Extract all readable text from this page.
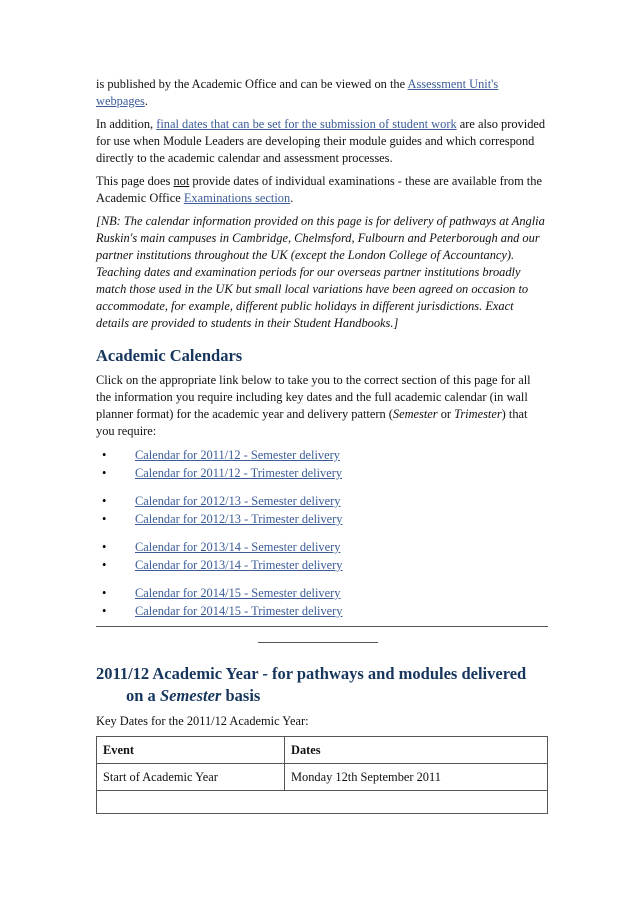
is published by the Academic Office and can be viewed on the Assessment Unit's webpages.

In addition, final dates that can be set for the submission of student work are also provided for use when Module Leaders are developing their module guides and which correspond directly to the academic calendar and assessment processes.

This page does not provide dates of individual examinations - these are available from the Academic Office Examinations section.

[NB: The calendar information provided on this page is for delivery of pathways at Anglia Ruskin's main campuses in Cambridge, Chelmsford, Fulbourn and Peterborough and our partner institutions throughout the UK (except the London College of Accountancy). Teaching dates and examination periods for our overseas partner institutions broadly match those used in the UK but small local variations have been agreed on occasion to accommodate, for example, different public holidays in different jurisdictions. Exact details are provided to students in their Student Handbooks.]

Academic Calendars

Click on the appropriate link below to take you to the correct section of this page for all the information you require including key dates and the full academic calendar (in wall planner format) for the academic year and delivery pattern (Semester or Trimester) that you require:

• Calendar for 2011/12 - Semester delivery
• Calendar for 2011/12 - Trimester delivery
• Calendar for 2012/13 - Semester delivery
• Calendar for 2012/13 - Trimester delivery
• Calendar for 2013/14 - Semester delivery
• Calendar for 2013/14 - Trimester delivery
• Calendar for 2014/15 - Semester delivery
• Calendar for 2014/15 - Trimester delivery
2011/12 Academic Year - for pathways and modules delivered
on a Semester basis

Key Dates for the 2011/12 Academic Year:

Event	Dates
Start of Academic Year	Monday 12th September 2011
